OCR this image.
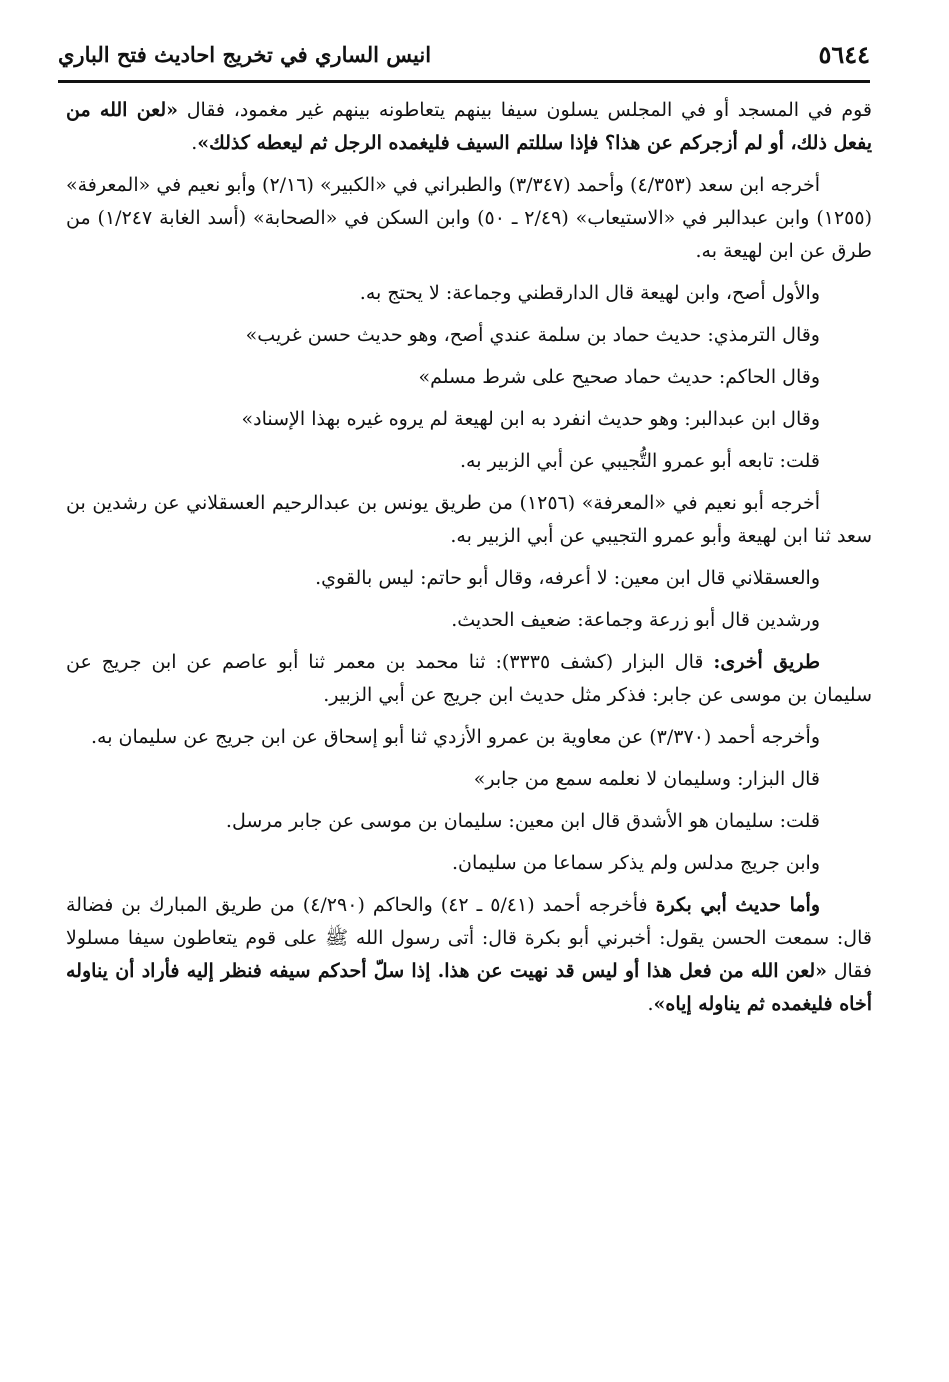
٥٦٤٤
انيس الساري في تخريج احاديث فتح الباري

قوم في المسجد أو في المجلس يسلون سيفا بينهم يتعاطونه بينهم غير مغمود، فقال «لعن الله من يفعل ذلك، أو لم أزجركم عن هذا؟ فإذا سللتم السيف فليغمده الرجل ثم ليعطه كذلك».

أخرجه ابن سعد (٤/٣٥٣) وأحمد (٣/٣٤٧) والطبراني في «الكبير» (٢/١٦) وأبو نعيم في «المعرفة» (١٢٥٥) وابن عبدالبر في «الاستيعاب» (٢/٤٩ ـ ٥٠) وابن السكن في «الصحابة» (أسد الغابة ١/٢٤٧) من طرق عن ابن لهيعة به.

والأول أصح، وابن لهيعة قال الدارقطني وجماعة: لا يحتج به.

وقال الترمذي: حديث حماد بن سلمة عندي أصح، وهو حديث حسن غريب»

وقال الحاكم: حديث حماد صحيح على شرط مسلم»

وقال ابن عبدالبر: وهو حديث انفرد به ابن لهيعة لم يروه غيره بهذا الإسناد»

قلت: تابعه أبو عمرو التُّجيبي عن أبي الزبير به.

أخرجه أبو نعيم في «المعرفة» (١٢٥٦) من طريق يونس بن عبدالرحيم العسقلاني عن رشدين بن سعد ثنا ابن لهيعة وأبو عمرو التجيبي عن أبي الزبير به.

والعسقلاني قال ابن معين: لا أعرفه، وقال أبو حاتم: ليس بالقوي.

ورشدين قال أبو زرعة وجماعة: ضعيف الحديث.

طريق أخرى: قال البزار (كشف ٣٣٣٥): ثنا محمد بن معمر ثنا أبو عاصم عن ابن جريج عن سليمان بن موسى عن جابر: فذكر مثل حديث ابن جريج عن أبي الزبير.

وأخرجه أحمد (٣/٣٧٠) عن معاوية بن عمرو الأزدي ثنا أبو إسحاق عن ابن جريج عن سليمان به.

قال البزار: وسليمان لا نعلمه سمع من جابر»

قلت: سليمان هو الأشدق قال ابن معين: سليمان بن موسى عن جابر مرسل.

وابن جريج مدلس ولم يذكر سماعا من سليمان.

وأما حديث أبي بكرة فأخرجه أحمد (٥/٤١ ـ ٤٢) والحاكم (٤/٢٩٠) من طريق المبارك بن فضالة قال: سمعت الحسن يقول: أخبرني أبو بكرة قال: أتى رسول الله ﷺ على قوم يتعاطون سيفا مسلولا فقال «لعن الله من فعل هذا أو ليس قد نهيت عن هذا. إذا سلّ أحدكم سيفه فنظر إليه فأراد أن يناوله أخاه فليغمده ثم يناوله إياه».
